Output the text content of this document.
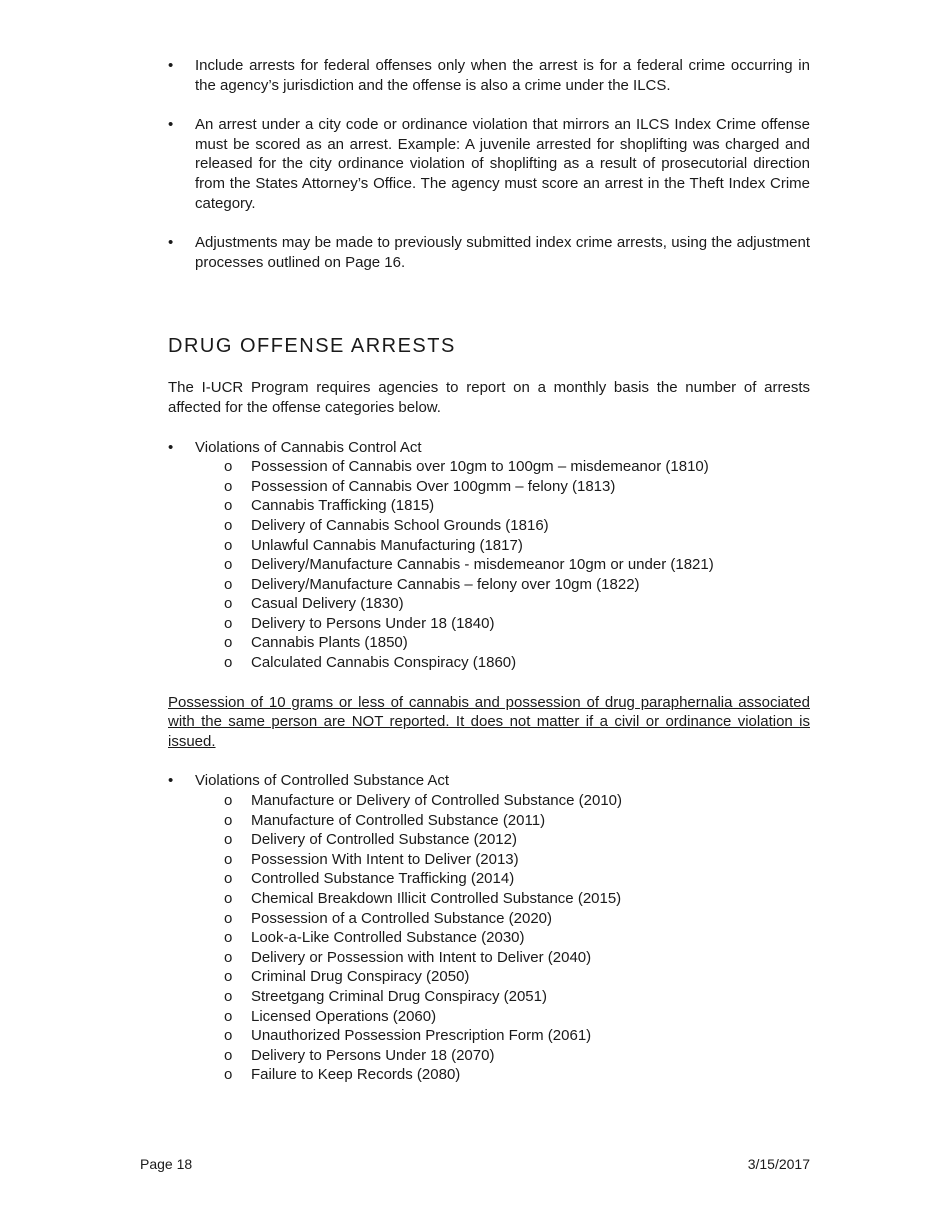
• Include arrests for federal offenses only when the arrest is for a federal crime occurring in the agency’s jurisdiction and the offense is also a crime under the ILCS.
• An arrest under a city code or ordinance violation that mirrors an ILCS Index Crime offense must be scored as an arrest. Example: A juvenile arrested for shoplifting was charged and released for the city ordinance violation of shoplifting as a result of prosecutorial direction from the States Attorney’s Office. The agency must score an arrest in the Theft Index Crime category.
• Adjustments may be made to previously submitted index crime arrests, using the adjustment processes outlined on Page 16.
DRUG OFFENSE ARRESTS
The I-UCR Program requires agencies to report on a monthly basis the number of arrests affected for the offense categories below.
• Violations of Cannabis Control Act
o Possession of Cannabis over 10gm to 100gm – misdemeanor (1810)
o Possession of Cannabis Over 100gmm – felony (1813)
o Cannabis Trafficking (1815)
o Delivery of Cannabis School Grounds (1816)
o Unlawful Cannabis Manufacturing (1817)
o Delivery/Manufacture Cannabis - misdemeanor 10gm or under (1821)
o Delivery/Manufacture Cannabis – felony over 10gm (1822)
o Casual Delivery (1830)
o Delivery to Persons Under 18 (1840)
o Cannabis Plants (1850)
o Calculated Cannabis Conspiracy (1860)
Possession of 10 grams or less of cannabis and possession of drug paraphernalia associated with the same person are NOT reported. It does not matter if a civil or ordinance violation is issued.
• Violations of Controlled Substance Act
o Manufacture or Delivery of Controlled Substance (2010)
o Manufacture of Controlled Substance (2011)
o Delivery of Controlled Substance (2012)
o Possession With Intent to Deliver (2013)
o Controlled Substance Trafficking (2014)
o Chemical Breakdown Illicit Controlled Substance (2015)
o Possession of a Controlled Substance (2020)
o Look-a-Like Controlled Substance (2030)
o Delivery or Possession with Intent to Deliver (2040)
o Criminal Drug Conspiracy (2050)
o Streetgang Criminal Drug Conspiracy (2051)
o Licensed Operations (2060)
o Unauthorized Possession Prescription Form (2061)
o Delivery to Persons Under 18 (2070)
o Failure to Keep Records (2080)
Page 18	3/15/2017
